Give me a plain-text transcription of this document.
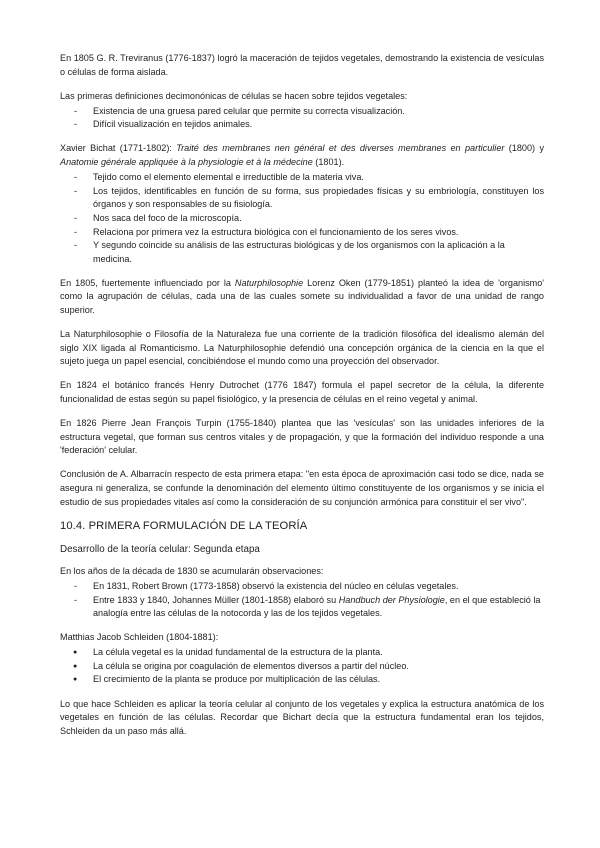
En 1805 G. R. Treviranus (1776-1837) logró la maceración de tejidos vegetales, demostrando la existencia de vesículas o células de forma aislada.

Las primeras definiciones decimonónicas de células se hacen sobre tejidos vegetales:

- Existencia de una gruesa pared celular que permite su correcta visualización.
- Difícil visualización en tejidos animales.

Xavier Bichat (1771-1802): Traité des membranes nen général et des diverses membranes en particulier (1800) y Anatomie générale appliquée à la physiologie et à la médecine (1801).

- Tejido como el elemento elemental e irreductible de la materia viva.
- Los tejidos, identificables en función de su forma, sus propiedades físicas y su embriología, constituyen los órganos y son responsables de su fisiología.
- Nos saca del foco de la microscopía.
- Relaciona por primera vez la estructura biológica con el funcionamiento de los seres vivos.
- Y segundo coincide su análisis de las estructuras biológicas y de los organismos con la aplicación a la medicina.

En 1805, fuertemente influenciado por la Naturphilosophie Lorenz Oken (1779-1851) planteó la idea de 'organismo' como la agrupación de células, cada una de las cuales somete su individualidad a favor de una unidad de rango superior.

La Naturphilosophie o Filosofía de la Naturaleza fue una corriente de la tradición filosófica del idealismo alemán del siglo XIX ligada al Romanticismo. La Naturphilosophie defendió una concepción orgánica de la ciencia en la que el sujeto juega un papel esencial, concibiéndose el mundo como una proyección del observador.

En 1824 el botánico francés Henry Dutrochet (1776 1847) formula el papel secretor de la célula, la diferente funcionalidad de estas según su papel fisiológico, y la presencia de células en el reino vegetal y animal.

En 1826 Pierre Jean François Turpin (1755-1840) plantea que las 'vesículas' son las unidades inferiores de la estructura vegetal, que forman sus centros vitales y de propagación, y que la formación del individuo responde a una 'federación' celular.

Conclusión de A. Albarracín respecto de esta primera etapa: "en esta época de aproximación casi todo se dice, nada se asegura ni generaliza, se confunde la denominación del elemento último constituyente de los organismos y se inicia el estudio de sus propiedades vitales así como la consideración de su conjunción armónica para constituir el ser vivo".

10.4. PRIMERA FORMULACIÓN DE LA TEORÍA

Desarrollo de la teoría celular: Segunda etapa

En los años de la década de 1830 se acumularán observaciones:

- En 1831, Robert Brown (1773-1858) observó la existencia del núcleo en células vegetales.
- Entre 1833 y 1840, Johannes Müller (1801-1858) elaboró su Handbuch der Physiologie, en el que estableció la analogía entre las células de la notocorda y las de los tejidos vegetales.

Matthias Jacob Schleiden (1804-1881):

● La célula vegetal es la unidad fundamental de la estructura de la planta.
● La célula se origina por coagulación de elementos diversos a partir del núcleo.
● El crecimiento de la planta se produce por multiplicación de las células.

Lo que hace Schleiden es aplicar la teoría celular al conjunto de los vegetales y explica la estructura anatómica de los vegetales en función de las células. Recordar que Bichart decía que la estructura fundamental eran los tejidos, Schleiden da un paso más allá.
